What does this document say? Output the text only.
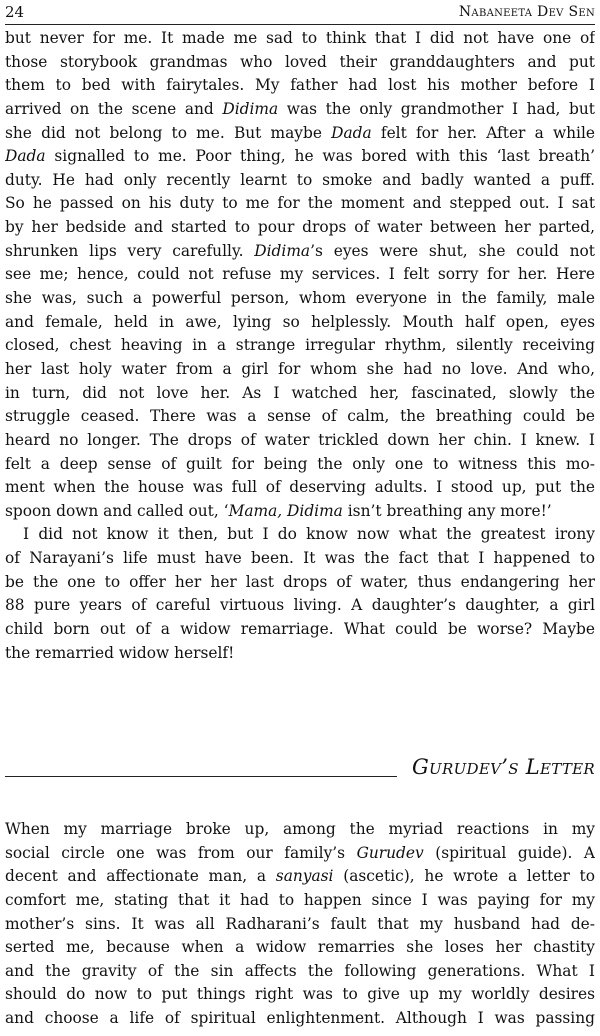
24	Nabaneeta Dev Sen
but never for me. It made me sad to think that I did not have one of
those storybook grandmas who loved their granddaughters and put
them to bed with fairytales. My father had lost his mother before I
arrived on the scene and Didima was the only grandmother I had, but
she did not belong to me. But maybe Dada felt for her. After a while
Dada signalled to me. Poor thing, he was bored with this ‘last breath’
duty. He had only recently learnt to smoke and badly wanted a puff.
So he passed on his duty to me for the moment and stepped out. I sat
by her bedside and started to pour drops of water between her parted,
shrunken lips very carefully. Didima’s eyes were shut, she could not
see me; hence, could not refuse my services. I felt sorry for her. Here
she was, such a powerful person, whom everyone in the family, male
and female, held in awe, lying so helplessly. Mouth half open, eyes
closed, chest heaving in a strange irregular rhythm, silently receiving
her last holy water from a girl for whom she had no love. And who,
in turn, did not love her. As I watched her, fascinated, slowly the
struggle ceased. There was a sense of calm, the breathing could be
heard no longer. The drops of water trickled down her chin. I knew. I
felt a deep sense of guilt for being the only one to witness this mo-
ment when the house was full of deserving adults. I stood up, put the
spoon down and called out, ‘Mama, Didima isn’t breathing any more!’
I did not know it then, but I do know now what the greatest irony
of Narayani’s life must have been. It was the fact that I happened to
be the one to offer her her last drops of water, thus endangering her
88 pure years of careful virtuous living. A daughter’s daughter, a girl
child born out of a widow remarriage. What could be worse? Maybe
the remarried widow herself!
Gurudev’s Letter
When my marriage broke up, among the myriad reactions in my
social circle one was from our family’s Gurudev (spiritual guide). A
decent and affectionate man, a sanyasi (ascetic), he wrote a letter to
comfort me, stating that it had to happen since I was paying for my
mother’s sins. It was all Radharani’s fault that my husband had de-
serted me, because when a widow remarries she loses her chastity
and the gravity of the sin affects the following generations. What I
should do now to put things right was to give up my worldly desires
and choose a life of spiritual enlightenment. Although I was passing
